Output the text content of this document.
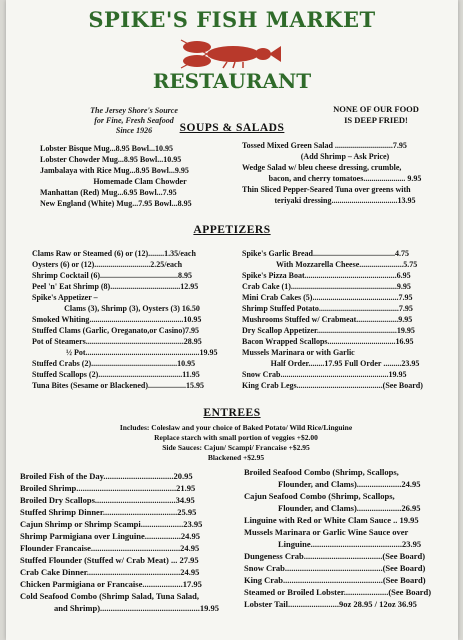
SPIKE'S FISH MARKET
RESTAURANT
The Jersey Shore's Source
for Fine, Fresh Seafood
Since 1926
NONE OF OUR FOOD
IS DEEP FRIED!
SOUPS & SALADS
Lobster Bisque Mug...8.95 Bowl...10.95
Lobster Chowder Mug...8.95 Bowl...10.95
Jambalaya with Rice Mug...8.95 Bowl...9.95
Homemade Clam Chowder
Manhattan (Red) Mug...6.95 Bowl...7.95
New England (White) Mug...7.95 Bowl...8.95
Tossed Mixed Green Salad .............................7.95
(Add Shrimp – Ask Price)
Wedge Salad w/ bleu cheese dressing, crumble,
bacon, and cherry tomatoes..................... 9.95
Thin Sliced Pepper-Seared Tuna over greens with
teriyaki dressing.................................13.95
APPETIZERS
Clams Raw or Steamed (6) or (12)........1.35/each
Oysters (6) or (12)............................2.25/each
Shrimp Cocktail (6).......................................8.95
Peel 'n' Eat Shrimp (8)...................................12.95
Spike's Appetizer –
Clams (3), Shrimp (3), Oysters (3) 16.50
Smoked Whiting...............................................10.95
Stuffed Clams (Garlic, Oreganato,or Casino)7.95
Pot of Steamers.................................................28.95
½ Pot.........................................................19.95
Stuffed Crabs (2)...........................................10.95
Stuffed Scallops (2)..........................................11.95
Tuna Bites (Sesame or Blackened)...................15.95
Spike's Garlic Bread.........................................4.75
With Mozzarella Cheese......................5.75
Spike's Pizza Boat..............................................6.95
Crab Cake (1).....................................................9.95
Mini Crab Cakes (5)...........................................7.95
Shrimp Stuffed Potato........................................7.95
Mushrooms Stuffed w/ Crabmeat.....................9.95
Dry Scallop Appetizer........................................19.95
Bacon Wrapped Scallops..................................16.95
Mussels Marinara or with Garlic
Half Order........17.95 Full Order .........23.95
Snow Crab......................................................19.95
King Crab Legs...........................................(See Board)
ENTREES
Includes: Coleslaw and your choice of Baked Potato/ Wild Rice/Linguine
Replace starch with small portion of veggies +$2.00
Side Sauces: Cajun/ Scampi/ Francaise +$2.95
Blackened +$2.95
Broiled Fish of the Day.................................20.95
Broiled Shrimp...............................................21.95
Broiled Dry Scallops......................................34.95
Stuffed Shrimp Dinner...................................25.95
Cajun Shrimp or Shrimp Scampi....................23.95
Shrimp Parmigiana over Linguine.................24.95
Flounder Francaise..........................................24.95
Stuffed Flounder (Stuffed w/ Crab Meat) ... 27.95
Crab Cake Dinner............................................24.95
Chicken Parmigiana or Francaise...................17.95
Cold Seafood Combo (Shrimp Salad, Tuna Salad,
and Shrimp)...............................................19.95
Broiled Seafood Combo (Shrimp, Scallops,
Flounder, and Clams).....................24.95
Cajun Seafood Combo (Shrimp, Scallops,
Flounder, and Clams).....................26.95
Linguine with Red or White Clam Sauce .. 19.95
Mussels Marinara or Garlic Wine Sauce over
Linguine...........................................23.95
Dungeness Crab.....................................(See Board)
Snow Crab..............................................(See Board)
King Crab...............................................(See Board)
Steamed or Broiled Lobster.....................(See Board)
Lobster Tail........................9oz 28.95 / 12oz 36.95
